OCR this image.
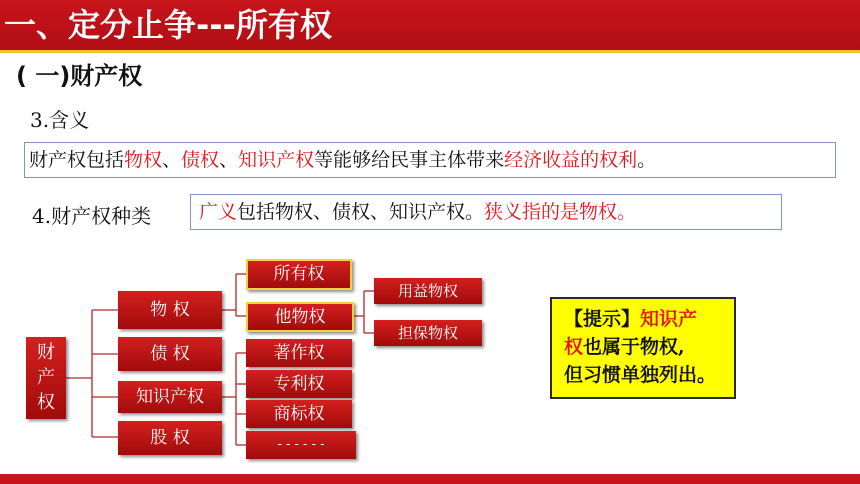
一、定分止争---所有权
( 一)财产权
3.含义
财产权包括物权、债权、知识产权等能够给民事主体带来经济收益的权利。
4.财产权种类	广义包括物权、债权、知识产权。狭义指的是物权。
财
产
权
物 权
债 权
知识产权
股 权
所有权
他物权
用益物权
担保物权
著作权
专利权
商标权
- - - - - -
【提示】知识产
权也属于物权,
但习惯单独列出。
